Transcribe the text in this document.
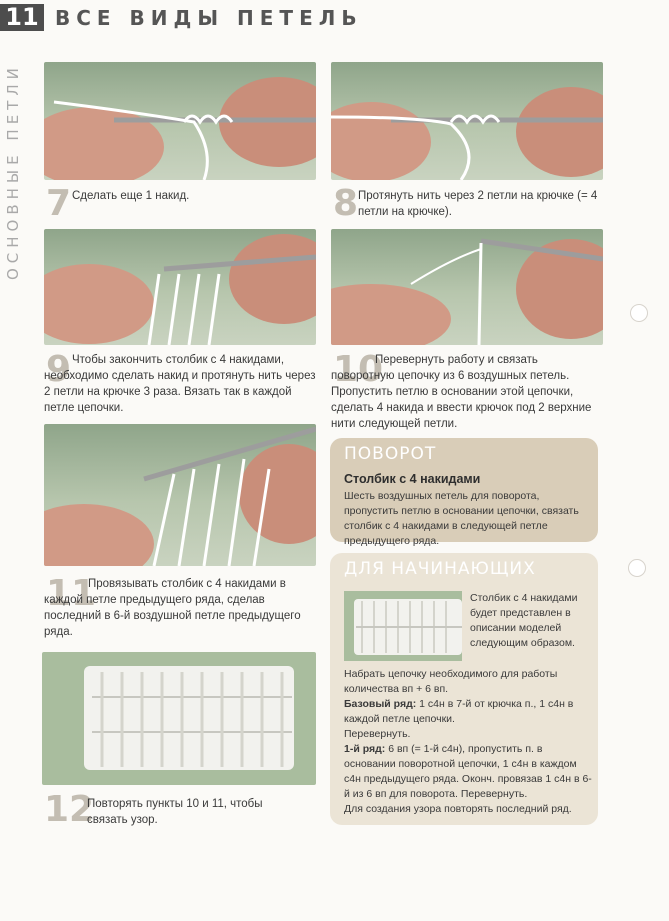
11 ВСЕ ВИДЫ ПЕТЕЛЬ
ОСНОВНЫЕ ПЕТЛИ 7 Сделать еще 1 накид.	8 Протянуть нить через 2 петли на крючке (= 4 петли на крючке).
9 Чтобы закончить столбик с 4 накидами, необходимо сделать накид и протянуть нить через 2 петли на крючке 3 раза. Вязать так в каждой петле цепочки.
10
Перевернуть работу и связать поворотную цепочку из 6 воздушных петель. Пропустить петлю в основании этой цепочки, сделать 4 накида и ввести крючок под 2 верхние нити следующей петли.
11
Провязывать столбик с 4 накидами в каждой петле предыдущего ряда, сделав последний в 6-й воздушной петле предыдущего ряда.
12
Повторять пункты 10 и 11, чтобы связать узор.
ПОВОРОТ
Столбик с 4 накидами
Шесть воздушных петель для поворота, пропустить петлю в основании цепочки, связать столбик с 4 накидами в следующей петле предыдущего ряда.
ДЛЯ НАЧИНАЮЩИХ
Столбик с 4 накидами будет представлен в описании моделей следующим образом.
Набрать цепочку необходимого для работы количества вп + 6 вп.
Базовый ряд: 1 с4н в 7-й от крючка п., 1 с4н в каждой петле цепочки.
Перевернуть.
1-й ряд: 6 вп (= 1-й с4н), пропустить п. в основании поворотной цепочки, 1 с4н в каждом с4н предыдущего ряда. Оконч. провязав 1 с4н в 6-й из 6 вп для поворота. Перевернуть.
Для создания узора повторять последний ряд.
